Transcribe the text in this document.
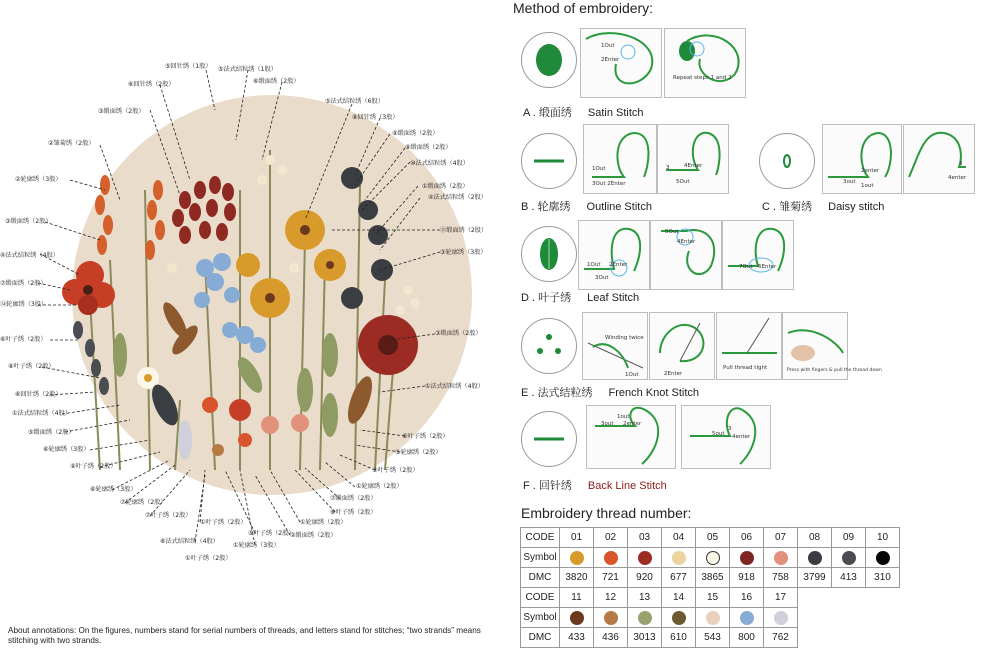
⑤回针绣（1股） ⑤法式结粒绣（1股）
⑥回针绣（2股）	⑥缎面绣（2股）
⑤法式结粒绣（6股）
⑧回针绣（3股）
③缎面绣（2股）
②雏菊绣（2股）
⑨缎面绣（2股）
⑧缎面绣（2股）
⑩法式结粒绣（4股）
②轮廓绣（3股）
①缎面绣（2股）
④法式结粒绣（2股）
③缎面绣（2股）
⑪缎面绣（2股）
④法式结粒绣（4股）	③轮廓绣（3股）
⑦缎面绣（2股）
⑭轮廓绣（3股）
⑥叶子绣（2股）
③缎面绣（2股）
⑧叶子绣（2股）
①法式结粒绣（4股）
⑥回针绣（2股）
①法式结粒绣（4股）
⑤缎面绣（2股）
⑥叶子绣（2股）
⑥轮廓绣（3股）	⑤轮廓绣（2股）
⑨叶子绣（2股）
⑨叶子绣（2股）
⑥轮廓绣（3股）	①轮廓绣（2股）
⑦轮廓绣（2股）
⑦缎面绣（2股）
⑦叶子绣（2股）	⑥叶子绣（2股）
①叶子绣（2股）	①轮廓绣（2股）
②缎面绣（2股）
⑤叶子绣（2股）
⑥法式结粒绣（4股）
①轮廓绣（3股）
①叶子绣（2股）
About annotations: On the figures, numbers stand for serial numbers of threads, and letters stand for stitches; “two strands” means stitching with two strands.
Method of embroidery:
1Out
2Enter
Repeat steps 1 and 2
A . 缎面绣 Satin Stitch
1Out
3Out 2Enter
4Enter
3
5Out
B . 轮廓绣 Outline Stitch
2enter
3out
1out
3
4enter
C . 雏菊绣 Daisy stitch
1Out 2Enter
3Out
5Out
4Enter
7Out 6Enter
D . 叶子绣 Leaf Stitch
Winding twice
1Out	2Enter
Pull thread tight	Press with fingers & pull the thread down
E . 法式结粒绣 French Knot Stitch
1out
3out 2enter
3
5out 4enter
F . 回针绣 Back Line Stitch
Embroidery thread number:
CODE	01	02	03	04	05	06	07	08	09	10
Symbol										
DMC	3820	721	920	677	3865	918	758	3799	413	310
CODE	11	12	13	14	15	16	17			
Symbol										
DMC	433	436	3013	610	543	800	762			
